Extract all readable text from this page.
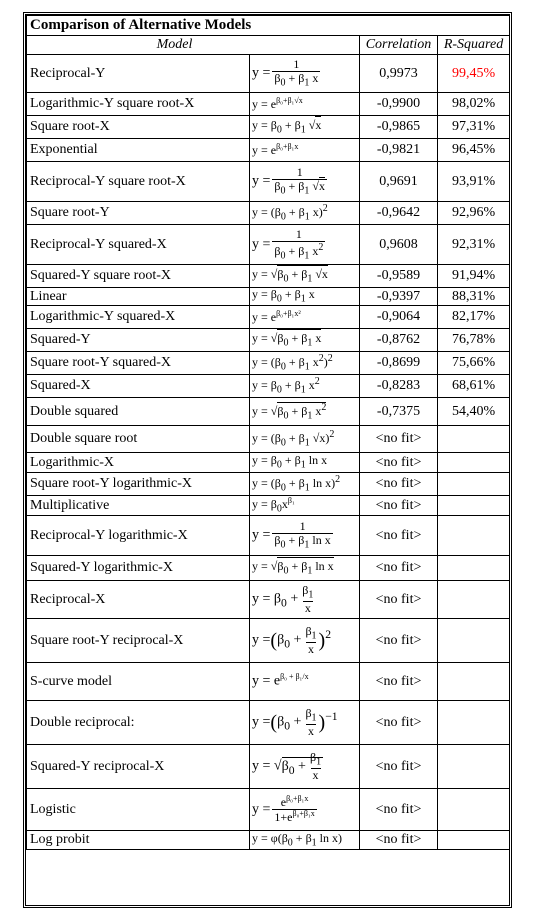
Comparison of Alternative Models			
Model		Correlation	R-Squared
Reciprocal-Y	$y = \frac{1}{\beta_0 + \beta_1 x}$	0,9973	99,45%
Logarithmic-Y square root-X	$y = e^{\beta_0+\beta_1√x}$	-0,9900	98,02%
Square root-X	$y = \beta_0 + \beta_1$ √x	-0,9865	97,31%
Exponential	$y = e^{\beta_0+\beta_1x}$	-0,9821	96,45%
Reciprocal-Y square root-X	$y = \frac{1}{\beta_0 + \beta_1 √x}$	0,9691	93,91%
Square root-Y	$y = (\beta_0 + \beta_1$ x)$^2$	-0,9642	92,96%
Reciprocal-Y squared-X	$y = \frac{1}{\beta_0 + \beta_1 x^2}$	0,9608	92,31%
Squared-Y square root-X	$y = √\beta_0 + \beta_1$ √x	-0,9589	91,94%
Linear	$y = \beta_0 + \beta_1$ x	-0,9397	88,31%
Logarithmic-Y squared-X	$y = e^{\beta_0+\beta_1x^2}$	-0,9064	82,17%
Squared-Y	$y = √\beta_0 + \beta_1$ x	-0,8762	76,78%
Square root-Y squared-X	$y = (\beta_0 + \beta_1$ $x^2)^2$	-0,8699	75,66%
Squared-X	$y = \beta_0 + \beta_1$ $x^2$	-0,8283	68,61%
Double squared	$y = √\beta_0 + \beta_1$ $x^2$	-0,7375	54,40%
Double square root	$y = (\beta_0 + \beta_1$ √x)$^2$	<no fit>	
Logarithmic-X	$y = \beta_0 + \beta_1$ ln x	<no fit>	
Square root-Y logarithmic-X	$y = (\beta_0 + \beta_1$ ln x)$^2$	<no fit>	
Multiplicative	$y = \beta_0x^{\beta_1}$	<no fit>	
Reciprocal-Y logarithmic-X	$y = \frac{1}{\beta_0 + \beta_1 \ln x}$	<no fit>	
Squared-Y logarithmic-X	$y = √\beta_0 + \beta_1$ ln x	<no fit>	
Reciprocal-X	$y = \beta_0 + \frac{\beta_1}{x}$	<no fit>	
Square root-Y reciprocal-X	$y =(\beta_0 + \frac{\beta_1}{x} )^2$	<no fit>	
S-curve model	$y = e^{\beta_0 + \beta_1/x}$	<no fit>	
Double reciprocal:	$y =(\beta_0 + \frac{\beta_1}{x} )^{-1}$	<no fit>	
Squared-Y reciprocal-X	$y = √\beta_0 + \frac{\beta_1}{x}$	<no fit>	
Logistic	$y = \frac{e^{\beta_0+\beta_1x}}{1+e^{\beta_0+\beta_1x}}$	<no fit>	
Log probit	$y = \varphi(\beta_0 + \beta_1$ ln x)	<no fit>	
